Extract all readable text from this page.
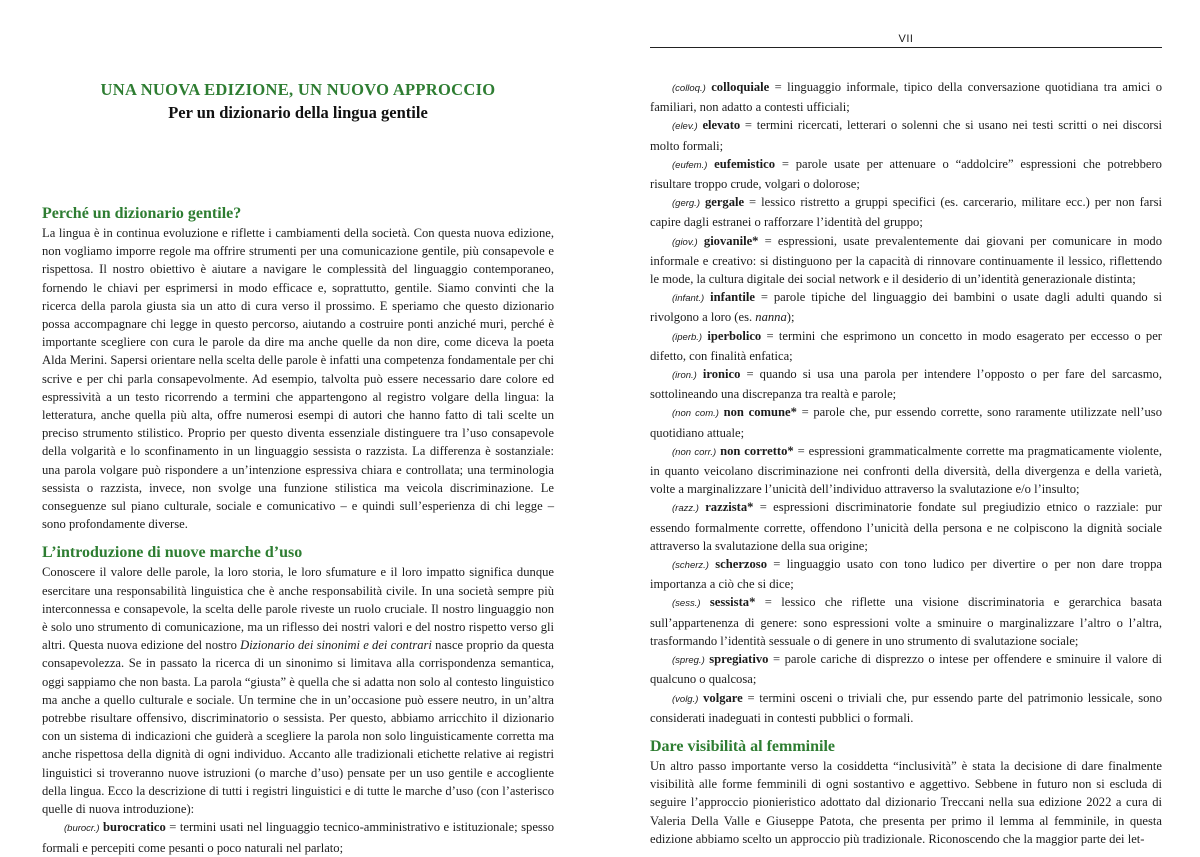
UNA NUOVA EDIZIONE, UN NUOVO APPROCCIO
Per un dizionario della lingua gentile
Perché un dizionario gentile?

La lingua è in continua evoluzione e riflette i cambiamenti della società. Con questa nuova edizione, non vogliamo imporre regole ma offrire strumenti per una comunicazione gentile, più consapevole e rispettosa. Il nostro obiettivo è aiutare a navigare le complessità del linguaggio contemporaneo, fornendo le chiavi per esprimersi in modo efficace e, soprattutto, gentile. Siamo convinti che la ricerca della parola giusta sia un atto di cura verso il prossimo. E speriamo che questo dizionario possa accompagnare chi legge in questo percorso, aiutando a costruire ponti anziché muri, perché è importante scegliere con cura le parole da dire ma anche quelle da non dire, come diceva la poeta Alda Merini. Sapersi orientare nella scelta delle parole è infatti una competenza fondamentale per chi scrive e per chi parla consapevolmente. Ad esempio, talvolta può essere necessario dare colore ed espressività a un testo ricorrendo a termini che appartengono al registro volgare della lingua: la letteratura, anche quella più alta, offre numerosi esempi di autori che hanno fatto di tali scelte un preciso strumento stilistico. Proprio per questo diventa essenziale distinguere tra l’uso consapevole della volgarità e lo sconfinamento in un linguaggio sessista o razzista. La differenza è sostanziale: una parola volgare può rispondere a un’intenzione espressiva chiara e controllata; una terminologia sessista o razzista, invece, non svolge una funzione stilistica ma veicola discriminazione. Le conseguenze sul piano culturale, sociale e comunicativo – e quindi sull’esperienza di chi legge – sono profondamente diverse.

L’introduzione di nuove marche d’uso

Conoscere il valore delle parole, la loro storia, le loro sfumature e il loro impatto significa dunque esercitare una responsabilità linguistica che è anche responsabilità civile. In una società sempre più interconnessa e consapevole, la scelta delle parole riveste un ruolo cruciale. Il nostro linguaggio non è solo uno strumento di comunicazione, ma un riflesso dei nostri valori e del nostro rispetto verso gli altri. Questa nuova edizione del nostro Dizionario dei sinonimi e dei contrari nasce proprio da questa consapevolezza. Se in passato la ricerca di un sinonimo si limitava alla corrispondenza semantica, oggi sappiamo che non basta. La parola “giusta” è quella che si adatta non solo al contesto linguistico ma anche a quello culturale e sociale. Un termine che in un’occasione può essere neutro, in un’altra potrebbe risultare offensivo, discriminatorio o sessista. Per questo, abbiamo arricchito il dizionario con un sistema di indicazioni che guiderà a scegliere la parola non solo linguisticamente corretta ma anche rispettosa della dignità di ogni individuo. Accanto alle tradizionali etichette relative ai registri linguistici si troveranno nuove istruzioni (o marche d’uso) pensate per un uso gentile e accogliente della lingua. Ecco la descrizione di tutti i registri linguistici e di tutte le marche d’uso (con l’asterisco quelle di nuova introduzione):

(burocr.) burocratico = termini usati nel linguaggio tecnico-amministrativo e istituzionale; spesso formali e percepiti come pesanti o poco naturali nel parlato;

VII

(colloq.) colloquiale = linguaggio informale, tipico della conversazione quotidiana tra amici o familiari, non adatto a contesti ufficiali;

(elev.) elevato = termini ricercati, letterari o solenni che si usano nei testi scritti o nei discorsi molto formali;

(eufem.) eufemistico = parole usate per attenuare o “addolcire” espressioni che potrebbero risultare troppo crude, volgari o dolorose;

(gerg.) gergale = lessico ristretto a gruppi specifici (es. carcerario, militare ecc.) per non farsi capire dagli estranei o rafforzare l’identità del gruppo;

(giov.) giovanile* = espressioni, usate prevalentemente dai giovani per comunicare in modo informale e creativo: si distinguono per la capacità di rinnovare continuamente il lessico, riflettendo le mode, la cultura digitale dei social network e il desiderio di un’identità generazionale distinta;

(infant.) infantile = parole tipiche del linguaggio dei bambini o usate dagli adulti quando si rivolgono a loro (es. nanna);

(iperb.) iperbolico = termini che esprimono un concetto in modo esagerato per eccesso o per difetto, con finalità enfatica;

(iron.) ironico = quando si usa una parola per intendere l’opposto o per fare del sarcasmo, sottolineando una discrepanza tra realtà e parole;

(non com.) non comune* = parole che, pur essendo corrette, sono raramente utilizzate nell’uso quotidiano attuale;

(non corr.) non corretto* = espressioni grammaticalmente corrette ma pragmaticamente violente, in quanto veicolano discriminazione nei confronti della diversità, della divergenza e della varietà, volte a marginalizzare l’unicità dell’individuo attraverso la svalutazione e/o l’insulto;

(razz.) razzista* = espressioni discriminatorie fondate sul pregiudizio etnico o razziale: pur essendo formalmente corrette, offendono l’unicità della persona e ne colpiscono la dignità sociale attraverso la svalutazione della sua origine;

(scherz.) scherzoso = linguaggio usato con tono ludico per divertire o per non dare troppa importanza a ciò che si dice;

(sess.) sessista* = lessico che riflette una visione discriminatoria e gerarchica basata sull’appartenenza di genere: sono espressioni volte a sminuire o marginalizzare l’altro o l’altra, trasformando l’identità sessuale o di genere in uno strumento di svalutazione sociale;

(spreg.) spregiativo = parole cariche di disprezzo o intese per offendere e sminuire il valore di qualcuno o qualcosa;

(volg.) volgare = termini osceni o triviali che, pur essendo parte del patrimonio lessicale, sono considerati inadeguati in contesti pubblici o formali.

Dare visibilità al femminile

Un altro passo importante verso la cosiddetta “inclusività” è stata la decisione di dare finalmente visibilità alle forme femminili di ogni sostantivo e aggettivo. Sebbene in futuro non si escluda di seguire l’approccio pionieristico adottato dal dizionario Treccani nella sua edizione 2022 a cura di Valeria Della Valle e Giuseppe Patota, che presenta per primo il lemma al femminile, in questa edizione abbiamo scelto un approccio più tradizionale. Riconoscendo che la maggior parte dei let-
